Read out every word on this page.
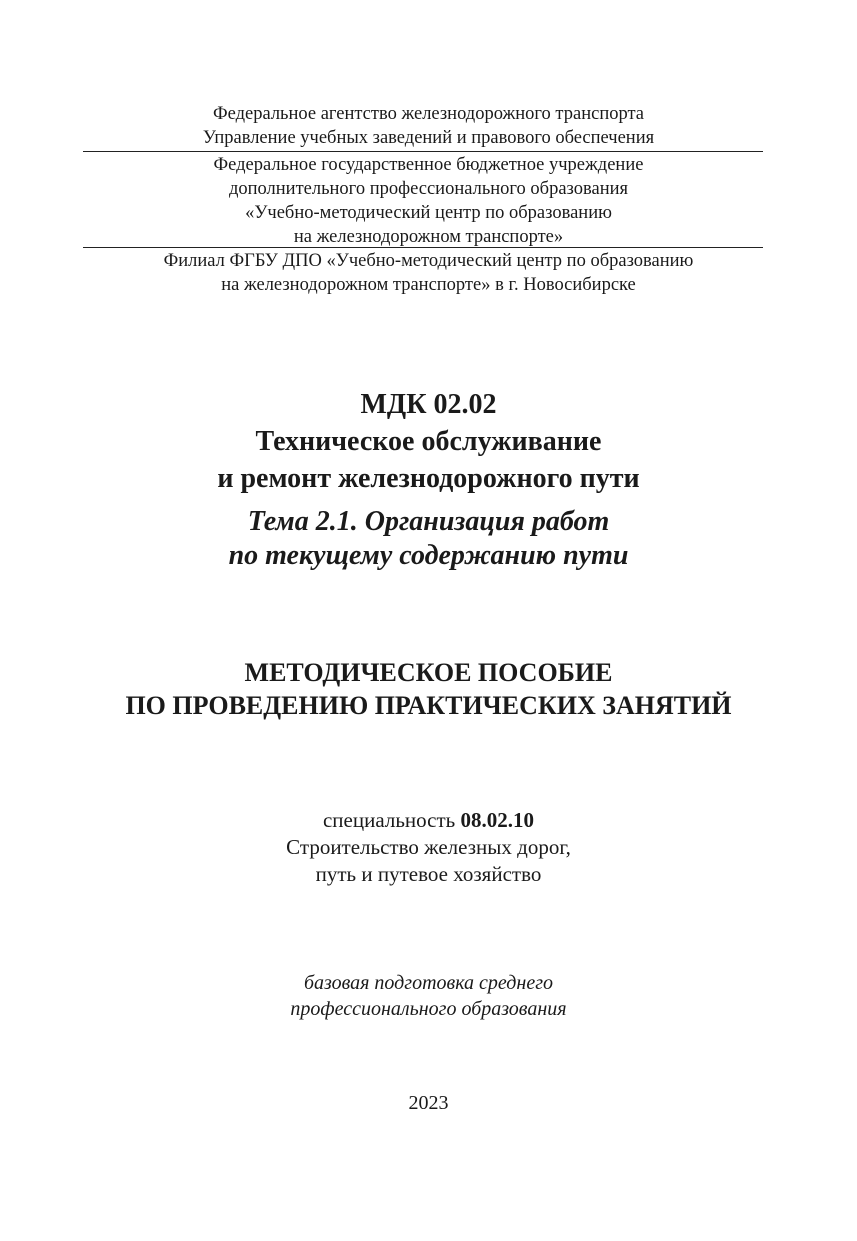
Федеральное агентство железнодорожного транспорта
Управление учебных заведений и правового обеспечения
Федеральное государственное бюджетное учреждение
дополнительного профессионального образования
«Учебно-методический центр по образованию
на железнодорожном транспорте»
Филиал ФГБУ ДПО «Учебно-методический центр по образованию
на железнодорожном транспорте» в г. Новосибирске
МДК 02.02
Техническое обслуживание
и ремонт железнодорожного пути
Тема 2.1. Организация работ
по текущему содержанию пути
МЕТОДИЧЕСКОЕ ПОСОБИЕ
ПО ПРОВЕДЕНИЮ ПРАКТИЧЕСКИХ ЗАНЯТИЙ
специальность 08.02.10
Строительство железных дорог,
путь и путевое хозяйство
базовая подготовка среднего
профессионального образования
2023
